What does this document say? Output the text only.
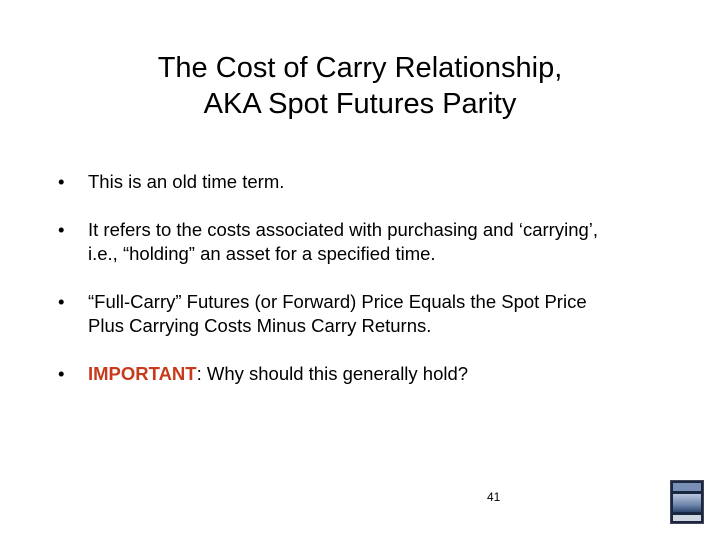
The Cost of Carry Relationship,
AKA Spot Futures Parity
• This is an old time term.
• It refers to the costs associated with purchasing and ‘carrying’,
i.e., “holding” an asset for a specified time.
• “Full-Carry” Futures (or Forward) Price Equals the Spot Price
Plus Carrying Costs Minus Carry Returns.
• IMPORTANT: Why should this generally hold?
41
